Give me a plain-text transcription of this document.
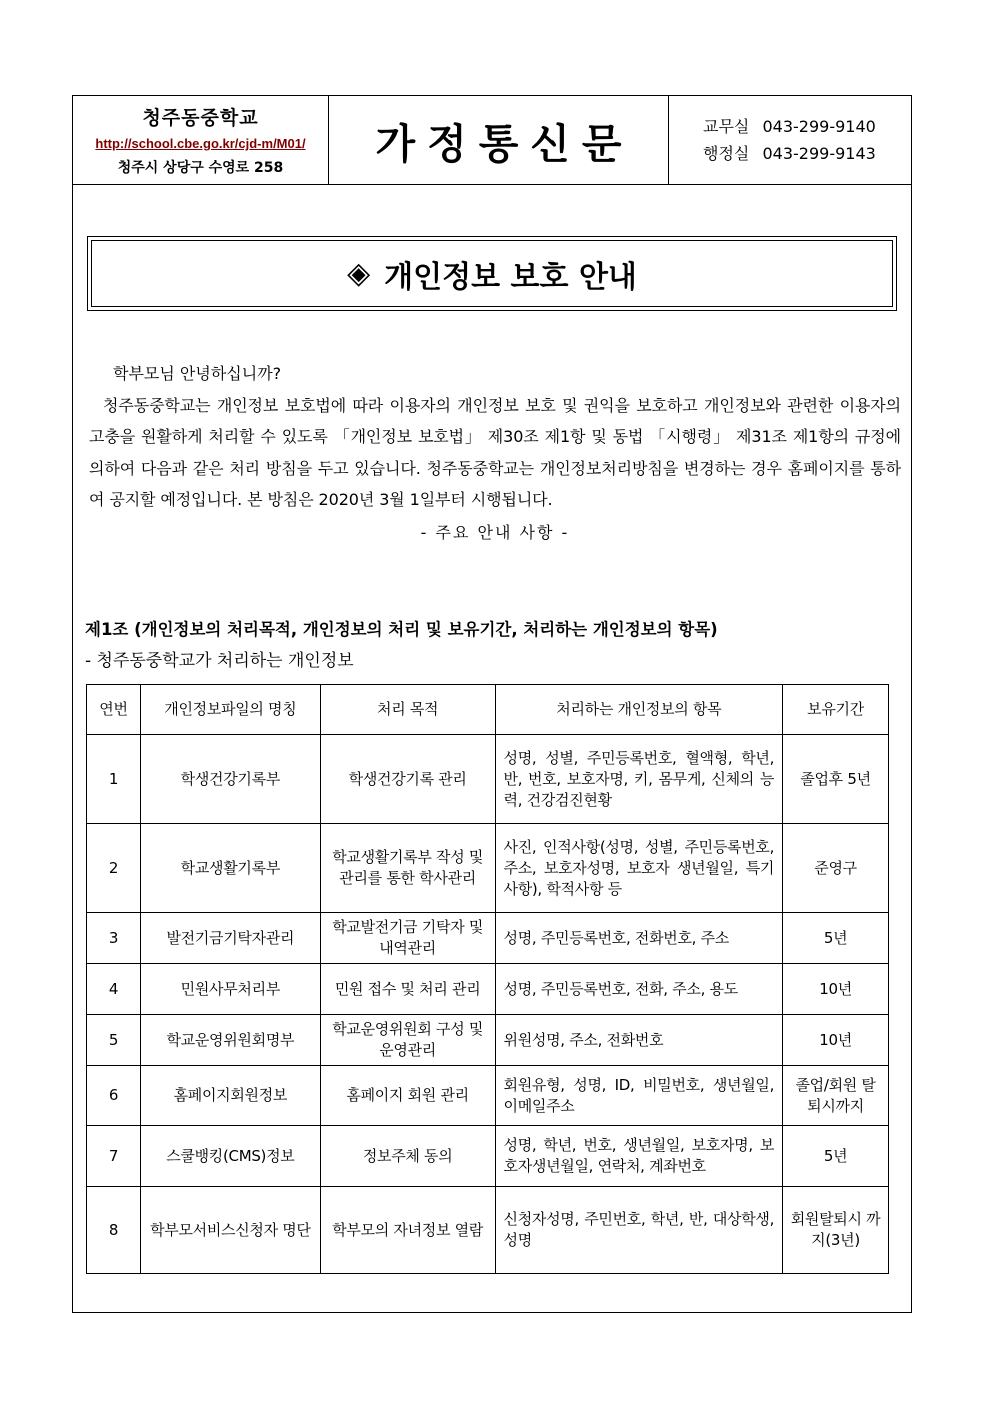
청주동중학교
http://school.cbe.go.kr/cjd-m/M01/
청주시 상당구 수영로 258
가정통신문	교무실 043-299-9140
행정실 043-299-9143
◈ 개인정보 보호 안내
학부모님 안녕하십니까?
청주동중학교는 개인정보 보호법에 따라 이용자의 개인정보 보호 및 권익을 보호하고 개인정보와 관련한 이용자의 고충을 원활하게 처리할 수 있도록 「개인정보 보호법」 제30조 제1항 및 동법 「시행령」 제31조 제1항의 규정에 의하여 다음과 같은 처리 방침을 두고 있습니다. 청주동중학교는 개인정보처리방침을 변경하는 경우 홈페이지를 통하여 공지할 예정입니다. 본 방침은 2020년 3월 1일부터 시행됩니다.
- 주요 안내 사항 -
제1조 (개인정보의 처리목적, 개인정보의 처리 및 보유기간, 처리하는 개인정보의 항목)
- 청주동중학교가 처리하는 개인정보
연번	개인정보파일의 명칭	처리 목적	처리하는 개인정보의 항목	보유기간
1	학생건강기록부	학생건강기록 관리	성명, 성별, 주민등록번호, 혈액형, 학년,반, 번호, 보호자명, 키, 몸무게, 신체의 능력, 건강검진현황	졸업후 5년
2	학교생활기록부	학교생활기록부 작성 및 관리를 통한 학사관리	사진, 인적사항(성명, 성별, 주민등록번호, 주소, 보호자성명, 보호자 생년월일, 특기사항), 학적사항 등	준영구
3	발전기금기탁자관리	학교발전기금 기탁자 및 내역관리	성명, 주민등록번호, 전화번호, 주소	5년
4	민원사무처리부	민원 접수 및 처리 관리	성명, 주민등록번호, 전화, 주소, 용도	10년
5	학교운영위원회명부	학교운영위원회 구성 및 운영관리	위원성명, 주소, 전화번호	10년
6	홈페이지회원정보	홈페이지 회원 관리	회원유형, 성명, ID, 비밀번호, 생년월일, 이메일주소	졸업/회원 탈퇴시까지
7	스쿨뱅킹(CMS)정보	정보주체 동의	성명, 학년, 번호, 생년월일, 보호자명, 보호자생년월일, 연락처, 계좌번호	5년
8	학부모서비스신청자 명단	학부모의 자녀정보 열람	신청자성명, 주민번호, 학년, 반, 대상학생, 성명	회원탈퇴시 까지(3년)
